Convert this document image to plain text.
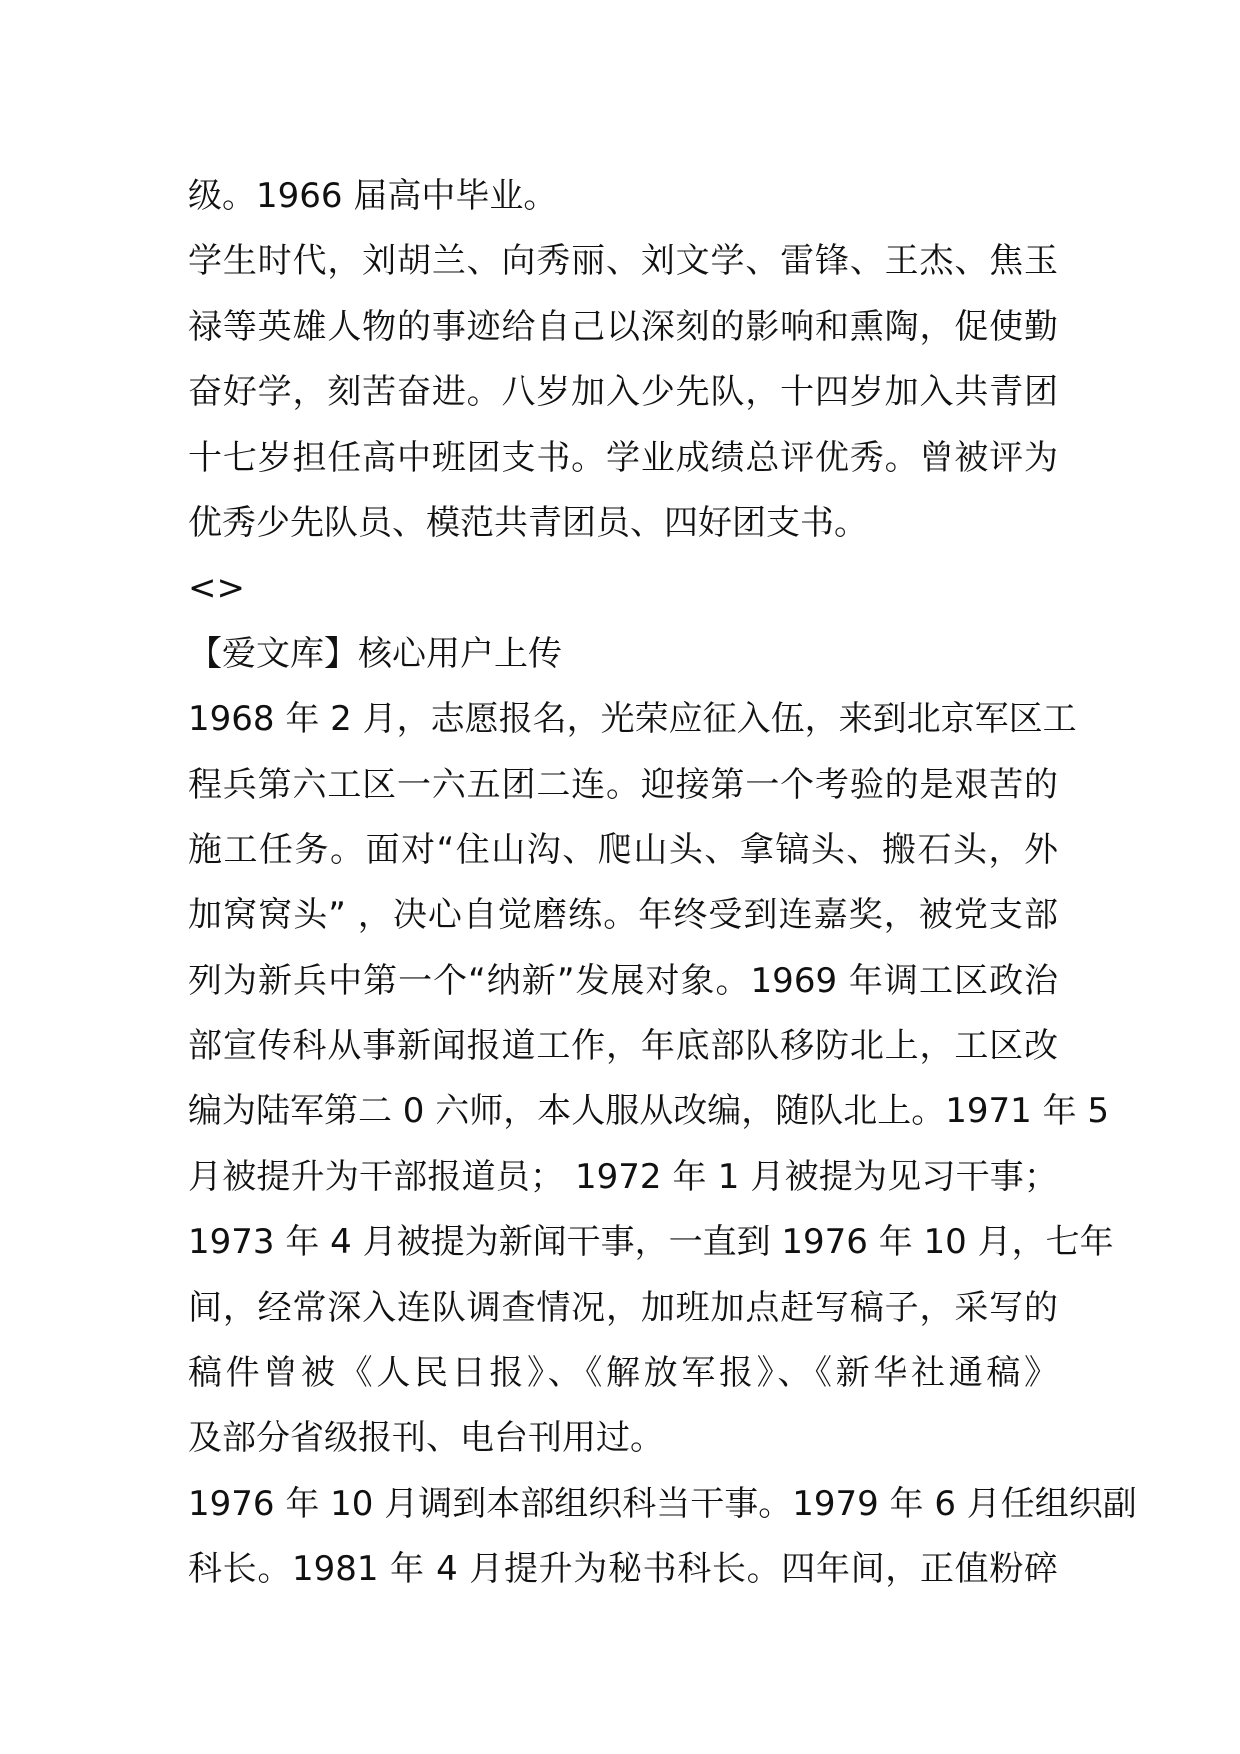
级。1966 届高中毕业。
学生时代，刘胡兰、向秀丽、刘文学、雷锋、王杰、焦玉
禄等英雄人物的事迹给自己以深刻的影响和熏陶，促使勤
奋好学，刻苦奋进。八岁加入少先队，十四岁加入共青团
十七岁担任高中班团支书。学业成绩总评优秀。曾被评为
优秀少先队员、模范共青团员、四好团支书。
<>
【爱文库】核心用户上传
1968 年 2 月，志愿报名，光荣应征入伍，来到北京军区工
程兵第六工区一六五团二连。迎接第一个考验的是艰苦的
施工任务。面对“住山沟、爬山头、拿镐头、搬石头，外
加窝窝头” ，决心自觉磨练。年终受到连嘉奖，被党支部
列为新兵中第一个“纳新”发展对象。1969 年调工区政治
部宣传科从事新闻报道工作，年底部队移防北上，工区改
编为陆军第二 0 六师，本人服从改编，随队北上。1971 年 5
月被提升为干部报道员； 1972 年 1 月被提为见习干事；
1973 年 4 月被提为新闻干事，一直到 1976 年 10 月，七年
间，经常深入连队调查情况，加班加点赶写稿子，采写的
稿件曾被《人民日报》、《解放军报》、《新华社通稿》
及部分省级报刊、电台刊用过。
1976 年 10 月调到本部组织科当干事。1979 年 6 月任组织副
科长。1981 年 4 月提升为秘书科长。四年间，正值粉碎
